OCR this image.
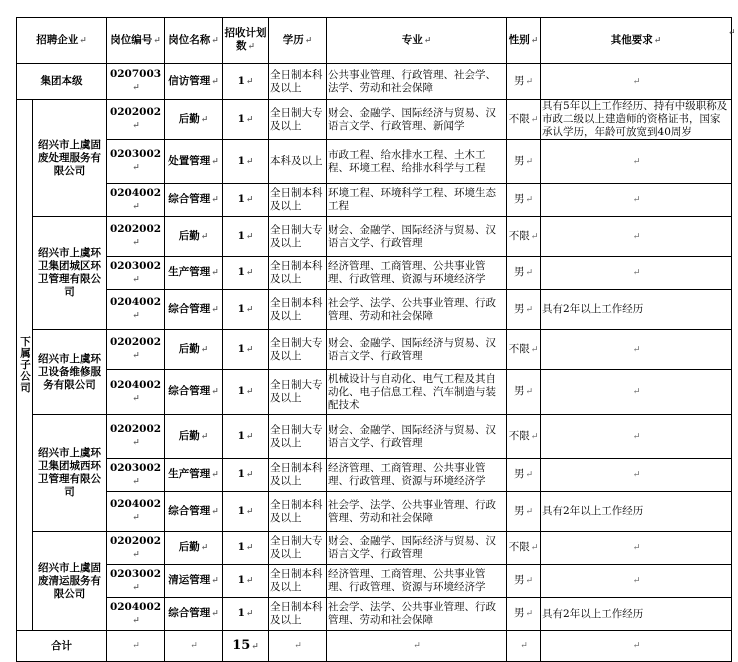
招聘企业↵		岗位编号↵	岗位名称↵	招收计划数↵	学历↵	专业↵	性别↵	其他要求↵
集团本级		0207003↵	信访管理↵	1↵	全日制本科及以上	公共事业管理、行政管理、社会学、法学、劳动和社会保障	男↵	↵
下属子公司	绍兴市上虞固废处理服务有限公司	0202002↵	后勤↵	1↵	全日制大专及以上	财会、金融学、国际经济与贸易、汉语言文学、行政管理、新闻学	不限↵	具有5年以上工作经历、持有中级职称及市政二级以上建造师的资格证书，国家承认学历，年龄可放宽到40周岁
		0203002↵	处置管理↵	1↵	本科及以上	市政工程、给水排水工程、土木工程、环境工程、给排水科学与工程	男↵	↵
		0204002↵	综合管理↵	1↵	全日制本科及以上	环境工程、环境科学工程、环境生态工程	男↵	↵
	绍兴市上虞环卫集团城区环卫管理有限公司	0202002↵	后勤↵	1↵	全日制大专及以上	财会、金融学、国际经济与贸易、汉语言文学、行政管理	不限↵	↵
		0203002↵	生产管理↵	1↵	全日制本科及以上	经济管理、工商管理、公共事业管理、行政管理、资源与环境经济学	男↵	↵
		0204002↵	综合管理↵	1↵	全日制本科及以上	社会学、法学、公共事业管理、行政管理、劳动和社会保障	男↵	具有2年以上工作经历
	绍兴市上虞环卫设备维修服务有限公司	0202002↵	后勤↵	1↵	全日制大专及以上	财会、金融学、国际经济与贸易、汉语言文学、行政管理	不限↵	↵
		0204002↵	综合管理↵	1↵	全日制大专及以上	机械设计与自动化、电气工程及其自动化、电子信息工程、汽车制造与装配技术	男↵	↵
	绍兴市上虞环卫集团城西环卫管理有限公司	0202002↵	后勤↵	1↵	全日制大专及以上	财会、金融学、国际经济与贸易、汉语言文学、行政管理	不限↵	↵
		0203002↵	生产管理↵	1↵	全日制本科及以上	经济管理、工商管理、公共事业管理、行政管理、资源与环境经济学	男↵	↵
		0204002↵	综合管理↵	1↵	全日制本科及以上	社会学、法学、公共事业管理、行政管理、劳动和社会保障	男↵	具有2年以上工作经历
	绍兴市上虞固废清运服务有限公司	0202002↵	后勤↵	1↵	全日制大专及以上	财会、金融学、国际经济与贸易、汉语言文学、行政管理	不限↵	↵
		0203002↵	清运管理↵	1↵	全日制本科及以上	经济管理、工商管理、公共事业管理、行政管理、资源与环境经济学	男↵	↵
		0204002↵	综合管理↵	1↵	全日制本科及以上	社会学、法学、公共事业管理、行政管理、劳动和社会保障	男↵	具有2年以上工作经历
合计		↵	↵	15↵	↵	↵	↵	↵
↵
